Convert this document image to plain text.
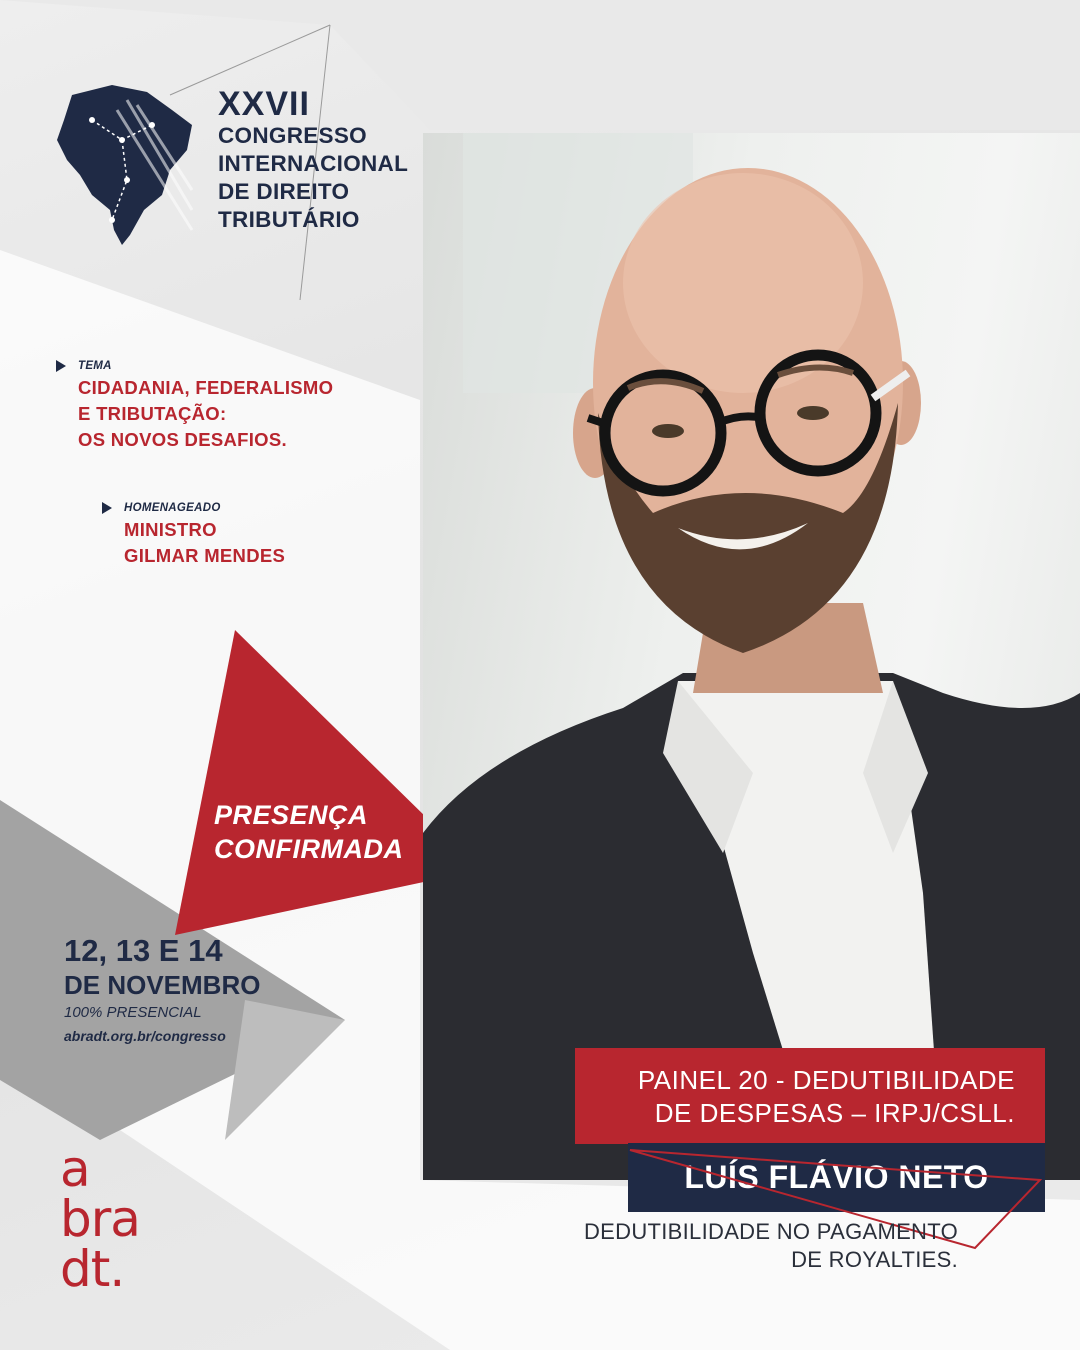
XXVII
CONGRESSO
INTERNACIONAL
DE DIREITO
TRIBUTÁRIO
TEMA
CIDADANIA, FEDERALISMO
E TRIBUTAÇÃO:
OS NOVOS DESAFIOS.
HOMENAGEADO
MINISTRO
GILMAR MENDES
PRESENÇA
CONFIRMADA
12, 13 E 14
DE NOVEMBRO
100% PRESENCIAL
abradt.org.br/congresso
a
bra
dt.
PAINEL 20 - DEDUTIBILIDADE
DE DESPESAS – IRPJ/CSLL.
LUÍS FLÁVIO NETO
DEDUTIBILIDADE NO PAGAMENTO
DE ROYALTIES.
